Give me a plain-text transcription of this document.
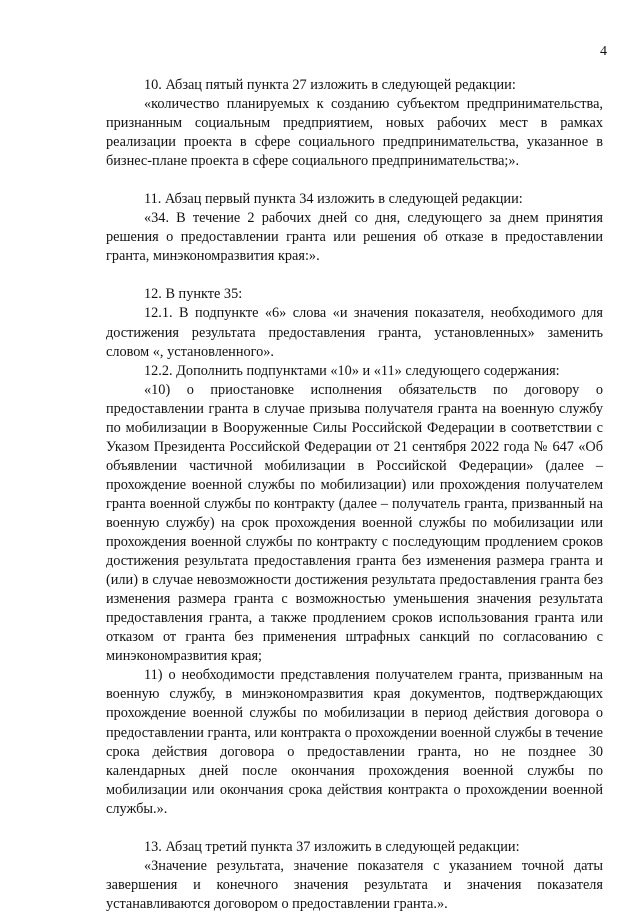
4

10. Абзац пятый пункта 27 изложить в следующей редакции:

«количество планируемых к созданию субъектом предпринимательства, признанным социальным предприятием, новых рабочих мест в рамках реализации проекта в сфере социального предпринимательства, указанное в бизнес-плане проекта в сфере социального предпринимательства;».

11. Абзац первый пункта 34 изложить в следующей редакции:

«34. В течение 2 рабочих дней со дня, следующего за днем принятия решения о предоставлении гранта или решения об отказе в предоставлении гранта, минэкономразвития края:».

12. В пункте 35:

12.1. В подпункте «6» слова «и значения показателя, необходимого для достижения результата предоставления гранта, установленных» заменить словом «, установленного».

12.2. Дополнить подпунктами «10» и «11» следующего содержания:

«10) о приостановке исполнения обязательств по договору о предоставлении гранта в случае призыва получателя гранта на военную службу по мобилизации в Вооруженные Силы Российской Федерации в соответствии с Указом Президента Российской Федерации от 21 сентября 2022 года № 647 «Об объявлении частичной мобилизации в Российской Федерации» (далее – прохождение военной службы по мобилизации) или прохождения получателем гранта военной службы по контракту (далее – получатель гранта, призванный на военную службу) на срок прохождения военной службы по мобилизации или прохождения военной службы по контракту с последующим продлением сроков достижения результата предоставления гранта без изменения размера гранта и (или) в случае невозможности достижения результата предоставления гранта без изменения размера гранта с возможностью уменьшения значения результата предоставления гранта, а также продлением сроков использования гранта или отказом от гранта без применения штрафных санкций по согласованию с минэкономразвития края;

11) о необходимости представления получателем гранта, призванным на военную службу, в минэкономразвития края документов, подтверждающих прохождение военной службы по мобилизации в период действия договора о предоставлении гранта, или контракта о прохождении военной службы в течение срока действия договора о предоставлении гранта, но не позднее 30 календарных дней после окончания прохождения военной службы по мобилизации или окончания срока действия контракта о прохождении военной службы.».

13. Абзац третий пункта 37 изложить в следующей редакции:

«Значение результата, значение показателя с указанием точной даты завершения и конечного значения результата и значения показателя устанавливаются договором о предоставлении гранта.».
